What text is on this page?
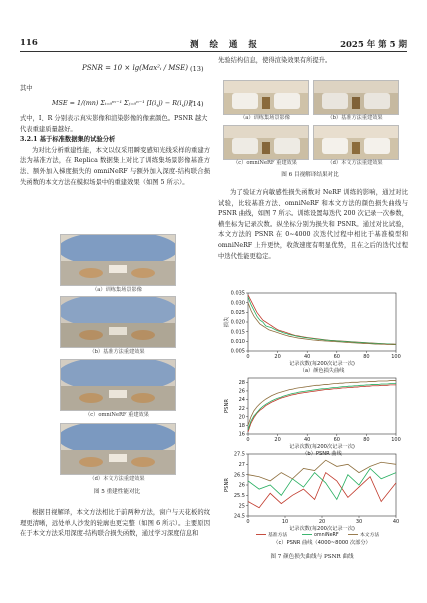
116	测 绘 通 报	2025 年 第 5 期
PSNR = 10 × lg(Max²ᵢ / MSE) (13)
其中
MSE = 1/(mn) Σᵢ₌₀ᵐ⁻¹ Σⱼ₌₀ⁿ⁻¹ [I(i,j) − R(i,j)]²
(14)

式中，I、R 分别表示真实影像和渲染影像的像素颜色。PSNR 越大代表重建质量越好。

3.2.1 基于标准数据集的试验分析

为对比分析重建性能，本文以仅采用瞬变感知光线采样的重建方法为基准方法，在 Replica 数据集上对比了训练集场景影像基准方法、额外加入梯度损失的 omniNeRF 与额外加入深度-结构联合损失函数的本文方法在模拟场景中的重建效果（如图 5 所示）。

（a）训练集场景影像
（b）基准方法重建效果
（c）omniNeRF 重建效果
（d）本文方法重建效果
图 5 重建性能对比

根据目视解译，本文方法相比于前两种方法，窗户与天花板的纹理更清晰，远处单人沙发的轮廓也更完整（如图 6 所示）。主要原因在于本文方法采用深度-结构联合损失函数，通过学习深度信息和

先验结构信息，使得渲染效果有所提升。

（a）训练集场景影像	（b）基准方法重建效果
（c）omniNeRF 重建效果	（d）本文方法重建效果
图 6 目视解译结果对比

为了验证方向敏感性损失函数对 NeRF 训练的影响，通过对比试验，比较基准方法、omniNeRF 和本文方法的颜色损失曲线与 PSNR 曲线，如图 7 所示。训练设置每迭代 200 次记录一次参数，横坐标为记录次数。纵坐标分别为损失和 PSNR。通过对比试验，本文方法的 PSNR 在 0~4000 次迭代过程中相比于基准模型和 omniNeRF 上升更快，收敛速度有明显优势，且在之后的迭代过程中迭代性能更稳定。

0	20	40	60	80	100
0.005
0.010
0.015
0.020
0.025
0.030
0.035
损失
记录次数(每200次记录一次)
（a）颜色损失曲线
0	20	40	60	80	100
16
18
20
22
24
26
28
PSNR
记录次数(每200次记录一次)
（b）PSNR 曲线
0	10	20	30	40
24.5
25
25.5
26
26.5
27
27.5
PSNR
记录次数(每200次记录一次)
基准方法	omniNeRF	本文方法
（c）PSNR 曲线（4000~8000 次部分）
图 7 颜色损失曲线与 PSNR 曲线
